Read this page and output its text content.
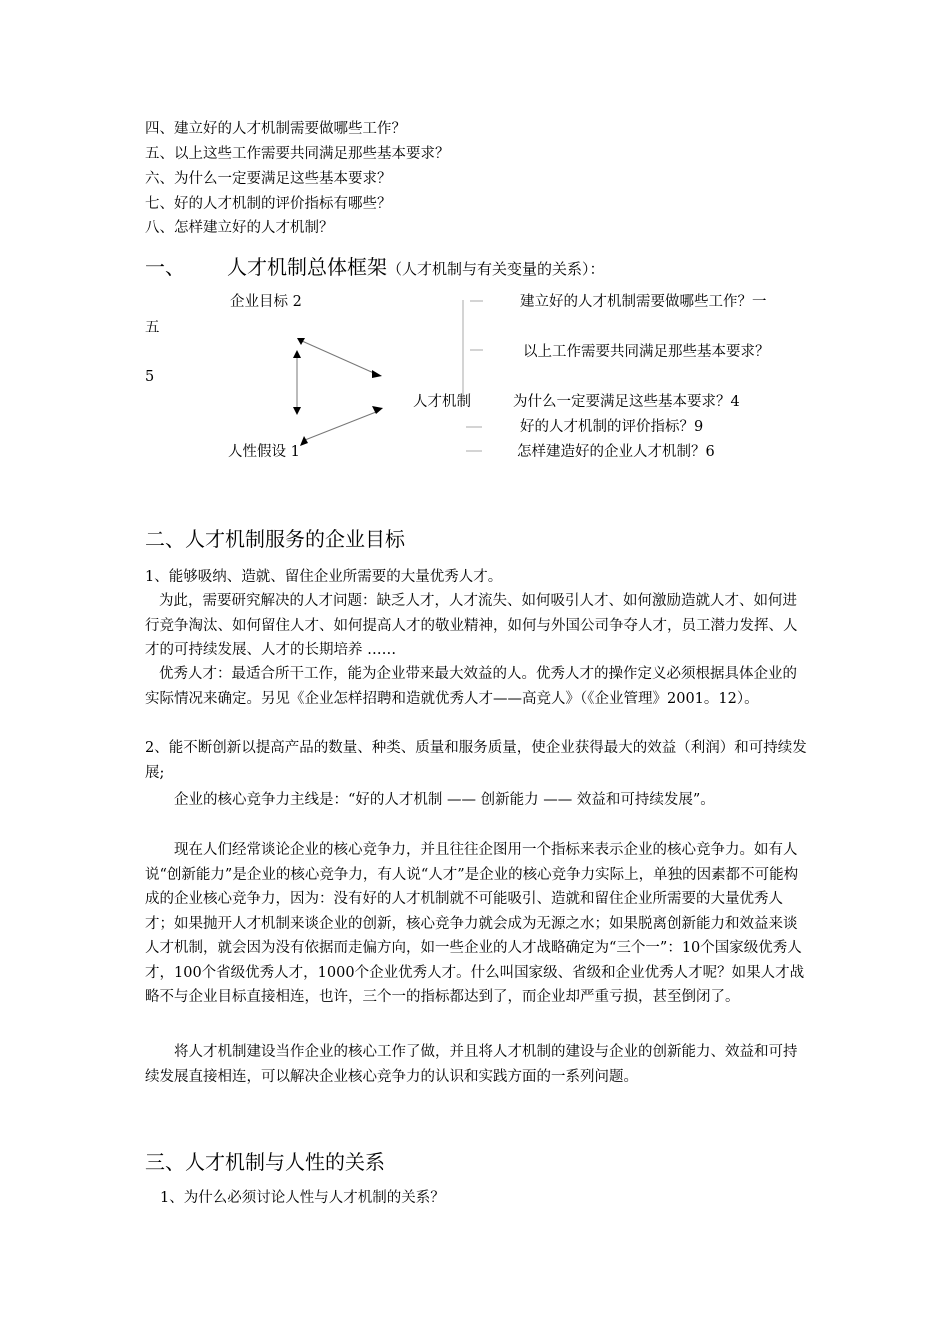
四、建立好的人才机制需要做哪些工作？
五、以上这些工作需要共同满足那些基本要求？
六、为什么一定要满足这些基本要求？
七、好的人才机制的评价指标有哪些？
八、怎样建立好的人才机制？
一、 人才机制总体框架（人才机制与有关变量的关系）：
企业目标 2
五
5
人才机制
人性假设 1
建立好的人才机制需要做哪些工作？一
以上工作需要共同满足那些基本要求？
为什么一定要满足这些基本要求？4
好的人才机制的评价指标？9
怎样建造好的企业人才机制？6
二、人才机制服务的企业目标
1、能够吸纳、造就、留住企业所需要的大量优秀人才。
为此，需要研究解决的人才问题：缺乏人才，人才流失、如何吸引人才、如何激励造就人才、如何进行竞争淘汰、如何留住人才、如何提高人才的敬业精神，如何与外国公司争夺人才，员工潜力发挥、人才的可持续发展、人才的长期培养 ……
优秀人才：最适合所干工作，能为企业带来最大效益的人。优秀人才的操作定义必须根据具体企业的实际情况来确定。另见《企业怎样招聘和造就优秀人才——高竞人》（《企业管理》2001。12）。
2、能不断创新以提高产品的数量、种类、质量和服务质量，使企业获得最大的效益（利润）和可持续发展;
企业的核心竞争力主线是：“好的人才机制 —— 创新能力 —— 效益和可持续发展”。
现在人们经常谈论企业的核心竞争力，并且往往企图用一个指标来表示企业的核心竞争力。如有人说“创新能力”是企业的核心竞争力，有人说“人才”是企业的核心竞争力实际上，单独的因素都不可能构成的企业核心竞争力，因为：没有好的人才机制就不可能吸引、造就和留住企业所需要的大量优秀人才；如果抛开人才机制来谈企业的创新，核心竞争力就会成为无源之水；如果脱离创新能力和效益来谈人才机制，就会因为没有依据而走偏方向，如一些企业的人才战略确定为“三个一”：10个国家级优秀人才，100个省级优秀人才，1000个企业优秀人才。什么叫国家级、省级和企业优秀人才呢？如果人才战略不与企业目标直接相连，也许，三个一的指标都达到了，而企业却严重亏损，甚至倒闭了。
将人才机制建设当作企业的核心工作了做，并且将人才机制的建设与企业的创新能力、效益和可持续发展直接相连，可以解决企业核心竞争力的认识和实践方面的一系列问题。
三、人才机制与人性的关系
1、为什么必须讨论人性与人才机制的关系？
